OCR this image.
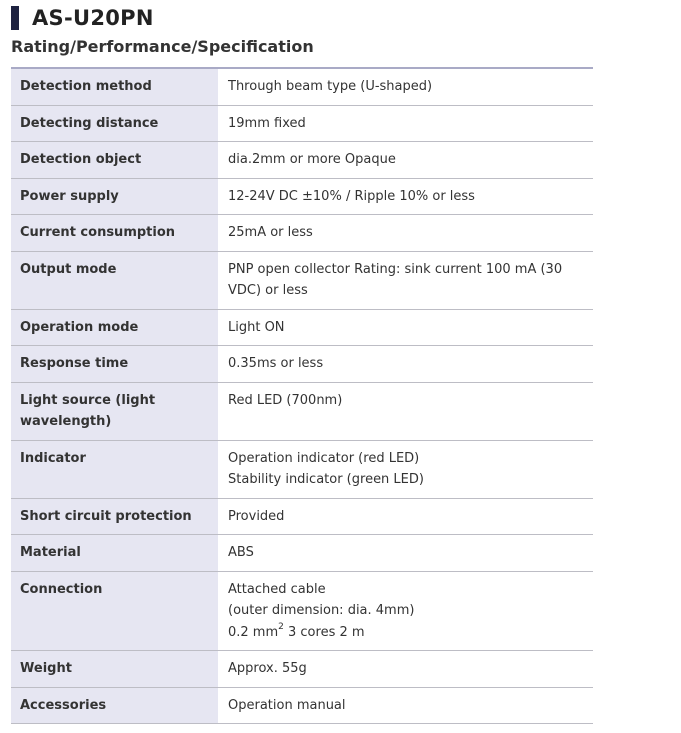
AS-U20PN
Rating/Performance/Specification
Detection method	Through beam type (U-shaped)

Detecting distance	19mm fixed

Detection object	dia.2mm or more Opaque

Power supply	12-24V DC ±10% / Ripple 10% or less

Current consumption	25mA or less

Output mode	PNP open collector Rating: sink current 100 mA (30 VDC) or less

Operation mode	Light ON

Response time	0.35ms or less

Light source (light wavelength)	Red LED (700nm)

Indicator	Operation indicator (red LED)
Stability indicator (green LED)

Short circuit protection	Provided

Material	ABS

Connection	Attached cable
(outer dimension: dia. 4mm)
0.2 $mm^2$ 3 cores 2 m

Weight	Approx. 55g

Accessories	Operation manual
